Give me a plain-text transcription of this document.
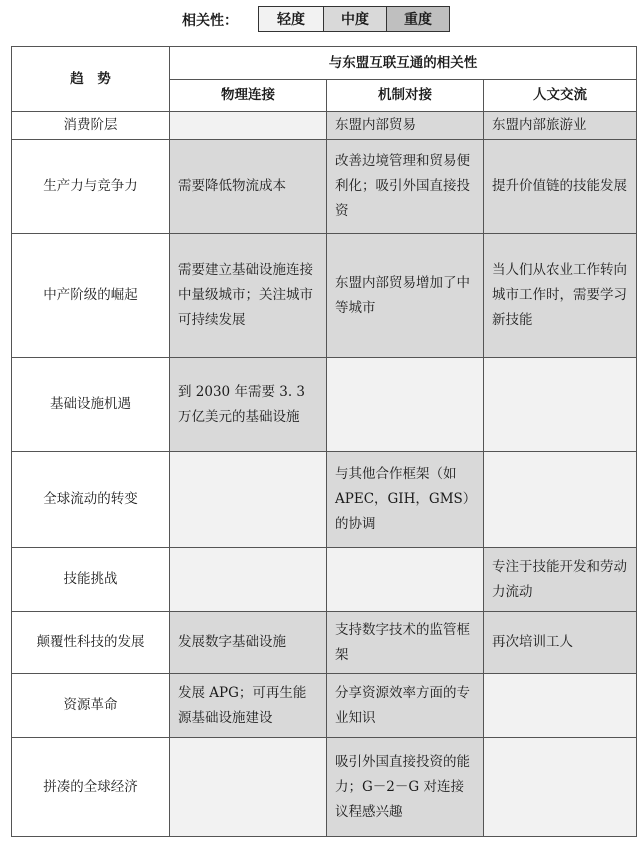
相关性：	轻度	中度	重度
趋　势	与东盟互联互通的相关性		
	物理连接	机制对接	人文交流
消费阶层		东盟内部贸易	东盟内部旅游业
生产力与竞争力	需要降低物流成本	改善边境管理和贸易便利化；吸引外国直接投资	提升价值链的技能发展
中产阶级的崛起	需要建立基础设施连接中量级城市；关注城市可持续发展	东盟内部贸易增加了中等城市	当人们从农业工作转向城市工作时，需要学习新技能
基础设施机遇	到 2030 年需要 3. 3 万亿美元的基础设施		
全球流动的转变		与其他合作框架（如 APEC，GIH，GMS）的协调	
技能挑战			专注于技能开发和劳动力流动
颠覆性科技的发展	发展数字基础设施	支持数字技术的监管框架	再次培训工人
资源革命	发展 APG；可再生能源基础设施建设	分享资源效率方面的专业知识	
拼凑的全球经济		吸引外国直接投资的能力；G－2－G 对连接议程感兴趣	
